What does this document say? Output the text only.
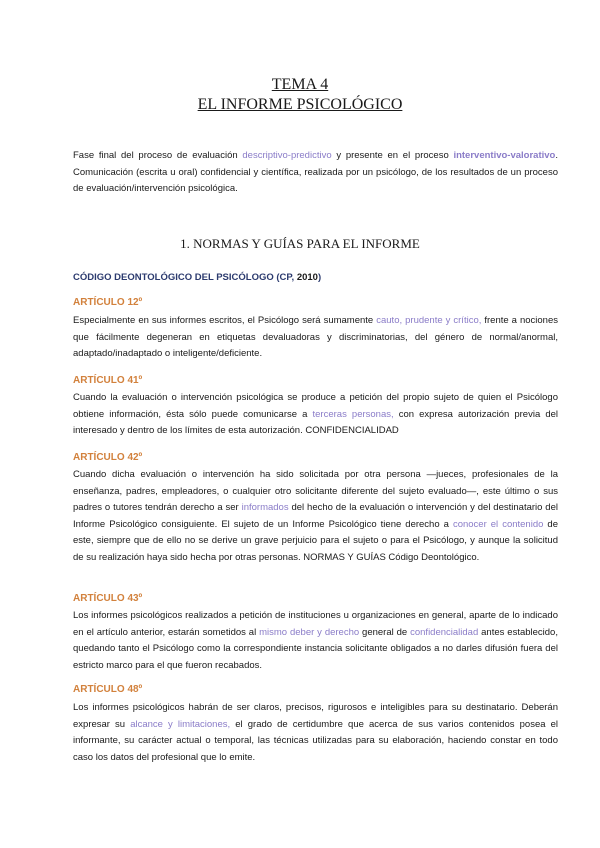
TEMA 4
EL INFORME PSICOLÓGICO
Fase final del proceso de evaluación descriptivo-predictivo y presente en el proceso interventivo-valorativo. Comunicación (escrita u oral) confidencial y científica, realizada por un psicólogo, de los resultados de un proceso de evaluación/intervención psicológica.
1. NORMAS Y GUÍAS PARA EL INFORME
CÓDIGO DEONTOLÓGICO DEL PSICÓLOGO (CP, 2010)
ARTÍCULO 12º
Especialmente en sus informes escritos, el Psicólogo será sumamente cauto, prudente y crítico, frente a nociones que fácilmente degeneran en etiquetas devaluadoras y discriminatorias, del género de normal/anormal, adaptado/inadaptado o inteligente/deficiente.
ARTÍCULO 41º
Cuando la evaluación o intervención psicológica se produce a petición del propio sujeto de quien el Psicólogo obtiene información, ésta sólo puede comunicarse a terceras personas, con expresa autorización previa del interesado y dentro de los límites de esta autorización. CONFIDENCIALIDAD
ARTÍCULO 42º
Cuando dicha evaluación o intervención ha sido solicitada por otra persona —jueces, profesionales de la enseñanza, padres, empleadores, o cualquier otro solicitante diferente del sujeto evaluado—, este último o sus padres o tutores tendrán derecho a ser informados del hecho de la evaluación o intervención y del destinatario del Informe Psicológico consiguiente. El sujeto de un Informe Psicológico tiene derecho a conocer el contenido de este, siempre que de ello no se derive un grave perjuicio para el sujeto o para el Psicólogo, y aunque la solicitud de su realización haya sido hecha por otras personas. NORMAS Y GUÍAS Código Deontológico.
ARTÍCULO 43º
Los informes psicológicos realizados a petición de instituciones u organizaciones en general, aparte de lo indicado en el artículo anterior, estarán sometidos al mismo deber y derecho general de confidencialidad antes establecido, quedando tanto el Psicólogo como la correspondiente instancia solicitante obligados a no darles difusión fuera del estricto marco para el que fueron recabados.
ARTÍCULO 48º
Los informes psicológicos habrán de ser claros, precisos, rigurosos e inteligibles para su destinatario. Deberán expresar su alcance y limitaciones, el grado de certidumbre que acerca de sus varios contenidos posea el informante, su carácter actual o temporal, las técnicas utilizadas para su elaboración, haciendo constar en todo caso los datos del profesional que lo emite.
